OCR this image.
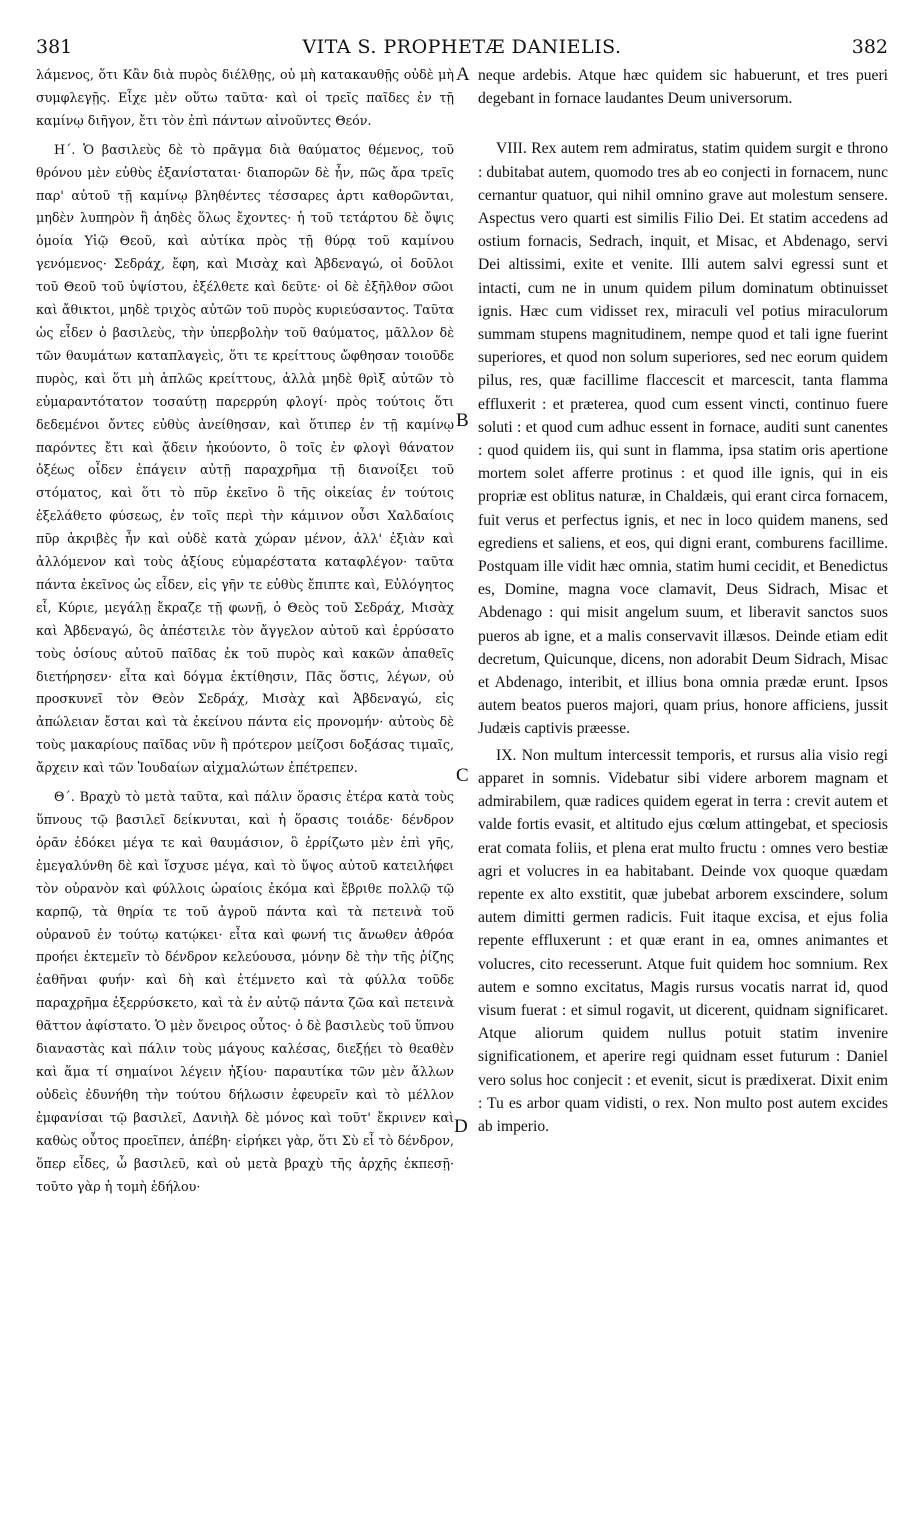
381	VITA S. PROPHETÆ DANIELIS.	382

λάμενος, ὅτι Κἂν διὰ πυρὸς διέλθῃς, οὐ μὴ κατακαυθῇς οὐδὲ μὴ συμφλεγῇς. Εἶχε μὲν οὕτω ταῦτα· καὶ οἱ τρεῖς παῖδες ἐν τῇ καμίνῳ διῆγον, ἔτι τὸν ἐπὶ πάντων αἰνοῦντες Θεόν.

Η΄. Ὁ βασιλεὺς δὲ τὸ πρᾶγμα διὰ θαύματος θέμενος, τοῦ θρόνου μὲν εὐθὺς ἐξανίσταται· διαπορῶν δὲ ἦν, πῶς ἄρα τρεῖς παρ' αὐτοῦ τῇ καμίνῳ βληθέντες τέσσαρες ἀρτι καθορῶνται, μηδὲν λυπηρὸν ἢ ἀηδὲς ὅλως ἔχοντες· ἡ τοῦ τετάρτου δὲ ὄψις ὁμοία Υἱῷ Θεοῦ, καὶ αὐτίκα πρὸς τῇ θύρᾳ τοῦ καμίνου γενόμενος· Σεδράχ, ἔφη, καὶ Μισὰχ καὶ Ἀβδεναγώ, οἱ δοῦλοι τοῦ Θεοῦ τοῦ ὑψίστου, ἐξέλθετε καὶ δεῦτε· οἱ δὲ ἐξῆλθον σῶοι καὶ ἄθικτοι, μηδὲ τριχὸς αὐτῶν τοῦ πυρὸς κυριεύσαντος. Ταῦτα ὡς εἶδεν ὁ βασιλεὺς, τὴν ὑπερβολὴν τοῦ θαύματος, μᾶλλον δὲ τῶν θαυμάτων καταπλαγεὶς, ὅτι τε κρείττους ὤφθησαν τοιοῦδε πυρὸς, καὶ ὅτι μὴ ἁπλῶς κρείττους, ἀλλὰ μηδὲ θρὶξ αὐτῶν τὸ εὐμαραντότατον τοσαύτῃ παρερρύη φλογί· πρὸς τούτοις ὅτι δεδεμένοι ὄντες εὐθὺς ἀνείθησαν, καὶ ὅτιπερ ἐν τῇ καμίνῳ παρόντες ἔτι καὶ ᾄδειν ἠκούοντο, ὃ τοῖς ἐν φλογὶ θάνατον ὀξέως οἶδεν ἐπάγειν αὐτῇ παραχρῆμα τῇ διανοίξει τοῦ στόματος, καὶ ὅτι τὸ πῦρ ἐκεῖνο ὃ τῆς οἰκείας ἐν τούτοις ἐξελάθετο φύσεως, ἐν τοῖς περὶ τὴν κάμινον οὖσι Χαλδαίοις πῦρ ἀκριβὲς ἦν καὶ οὐδὲ κατὰ χώραν μένον, ἀλλ' ἐξιὰν καὶ ἀλλόμενον καὶ τοὺς ἀξίους εὐμαρέστατα καταφλέγον· ταῦτα πάντα ἐκεῖνος ὡς εἶδεν, εἰς γῆν τε εὐθὺς ἔπιπτε καὶ, Εὐλόγητος εἶ, Κύριε, μεγάλῃ ἔκραζε τῇ φωνῇ, ὁ Θεὸς τοῦ Σεδράχ, Μισὰχ καὶ Ἀβδεναγώ, ὃς ἀπέστειλε τὸν ἄγγελον αὐτοῦ καὶ ἐρρύσατο τοὺς ὁσίους αὐτοῦ παῖδας ἐκ τοῦ πυρὸς καὶ κακῶν ἀπαθεῖς διετήρησεν· εἶτα καὶ δόγμα ἐκτίθησιν, Πᾶς ὅστις, λέγων, οὐ προσκυνεῖ τὸν Θεὸν Σεδράχ, Μισὰχ καὶ Ἀβδεναγώ, εἰς ἀπώλειαν ἔσται καὶ τὰ ἐκείνου πάντα εἰς προνομήν· αὐτοὺς δὲ τοὺς μακαρίους παῖδας νῦν ἢ πρότερον μείζοσι δοξάσας τιμαῖς, ἄρχειν καὶ τῶν Ἰουδαίων αἰχμαλώτων ἐπέτρεπεν.

Θ΄. Βραχὺ τὸ μετὰ ταῦτα, καὶ πάλιν ὅρασις ἑτέρα κατὰ τοὺς ὕπνους τῷ βασιλεῖ δείκνυται, καὶ ἡ ὅρασις τοιάδε· δένδρον ὁρᾶν ἐδόκει μέγα τε καὶ θαυμάσιον, ὃ ἐρρίζωτο μὲν ἐπὶ γῆς, ἐμεγαλύνθη δὲ καὶ ἴσχυσε μέγα, καὶ τὸ ὕψος αὐτοῦ κατειλήφει τὸν οὐρανὸν καὶ φύλλοις ὡραίοις ἐκόμα καὶ ἔβριθε πολλῷ τῷ καρπῷ, τὰ θηρία τε τοῦ ἀγροῦ πάντα καὶ τὰ πετεινὰ τοῦ οὐρανοῦ ἐν τούτῳ κατῴκει· εἶτα καὶ φωνή τις ἄνωθεν ἀθρόα προήει ἐκτεμεῖν τὸ δένδρον κελεύουσα, μόνην δὲ τὴν τῆς ῥίζης ἐαθῆναι φυήν· καὶ δὴ καὶ ἐτέμνετο καὶ τὰ φύλλα τοῦδε παραχρῆμα ἐξερρύσκετο, καὶ τὰ ἐν αὐτῷ πάντα ζῶα καὶ πετεινὰ θᾶττον ἀφίστατο. Ὁ μὲν ὄνειρος οὗτος· ὁ δὲ βασιλεὺς τοῦ ὕπνου διαναστὰς καὶ πάλιν τοὺς μάγους καλέσας, διεξῄει τὸ θεαθὲν καὶ ἅμα τί σημαίνοι λέγειν ἠξίου· παραυτίκα τῶν μὲν ἄλλων οὐδεὶς ἐδυνήθη τὴν τούτου δήλωσιν ἐφευρεῖν καὶ τὸ μέλλον ἐμφανίσαι τῷ βασιλεῖ, Δανιὴλ δὲ μόνος καὶ τοῦτ' ἔκρινεν καὶ καθὼς οὗτος προεῖπεν, ἀπέβη· εἰρήκει γὰρ, ὅτι Σὺ εἶ τὸ δένδρον, ὅπερ εἶδες, ὦ βασιλεῦ, καὶ οὐ μετὰ βραχὺ τῆς ἀρχῆς ἐκπεσῇ· τοῦτο γὰρ ἡ τομὴ ἐδήλου·

A
B
C
D

neque ardebis. Atque hæc quidem sic habuerunt, et tres pueri degebant in fornace laudantes Deum universorum.

VIII. Rex autem rem admiratus, statim quidem surgit e throno : dubitabat autem, quomodo tres ab eo conjecti in fornacem, nunc cernantur quatuor, qui nihil omnino grave aut molestum sensere. Aspectus vero quarti est similis Filio Dei. Et statim accedens ad ostium fornacis, Sedrach, inquit, et Misac, et Abdenago, servi Dei altissimi, exite et venite. Illi autem salvi egressi sunt et intacti, cum ne in unum quidem pilum dominatum obtinuisset ignis. Hæc cum vidisset rex, miraculi vel potius miraculorum summam stupens magnitudinem, nempe quod et tali igne fuerint superiores, et quod non solum superiores, sed nec eorum quidem pilus, res, quæ facillime flaccescit et marcescit, tanta flamma effluxerit : et præterea, quod cum essent vincti, continuo fuere soluti : et quod cum adhuc essent in fornace, auditi sunt canentes : quod quidem iis, qui sunt in flamma, ipsa statim oris apertione mortem solet afferre protinus : et quod ille ignis, qui in eis propriæ est oblitus naturæ, in Chaldæis, qui erant circa fornacem, fuit verus et perfectus ignis, et nec in loco quidem manens, sed egrediens et saliens, et eos, qui digni erant, comburens facillime. Postquam ille vidit hæc omnia, statim humi cecidit, et Benedictus es, Domine, magna voce clamavit, Deus Sidrach, Misac et Abdenago : qui misit angelum suum, et liberavit sanctos suos pueros ab igne, et a malis conservavit illæsos. Deinde etiam edit decretum, Quicunque, dicens, non adorabit Deum Sidrach, Misac et Abdenago, interibit, et illius bona omnia prædæ erunt. Ipsos autem beatos pueros majori, quam prius, honore afficiens, jussit Judæis captivis præesse.

IX. Non multum intercessit temporis, et rursus alia visio regi apparet in somnis. Videbatur sibi videre arborem magnam et admirabilem, quæ radices quidem egerat in terra : crevit autem et valde fortis evasit, et altitudo ejus cœlum attingebat, et speciosis erat comata foliis, et plena erat multo fructu : omnes vero bestiæ agri et volucres in ea habitabant. Deinde vox quoque quædam repente ex alto exstitit, quæ jubebat arborem exscindere, solum autem dimitti germen radicis. Fuit itaque excisa, et ejus folia repente effluxerunt : et quæ erant in ea, omnes animantes et volucres, cito recesserunt. Atque fuit quidem hoc somnium. Rex autem e somno excitatus, Magis rursus vocatis narrat id, quod visum fuerat : et simul rogavit, ut dicerent, quidnam significaret. Atque aliorum quidem nullus potuit statim invenire significationem, et aperire regi quidnam esset futurum : Daniel vero solus hoc conjecit : et evenit, sicut is prædixerat. Dixit enim : Tu es arbor quam vidisti, o rex. Non multo post autem excides ab imperio.
